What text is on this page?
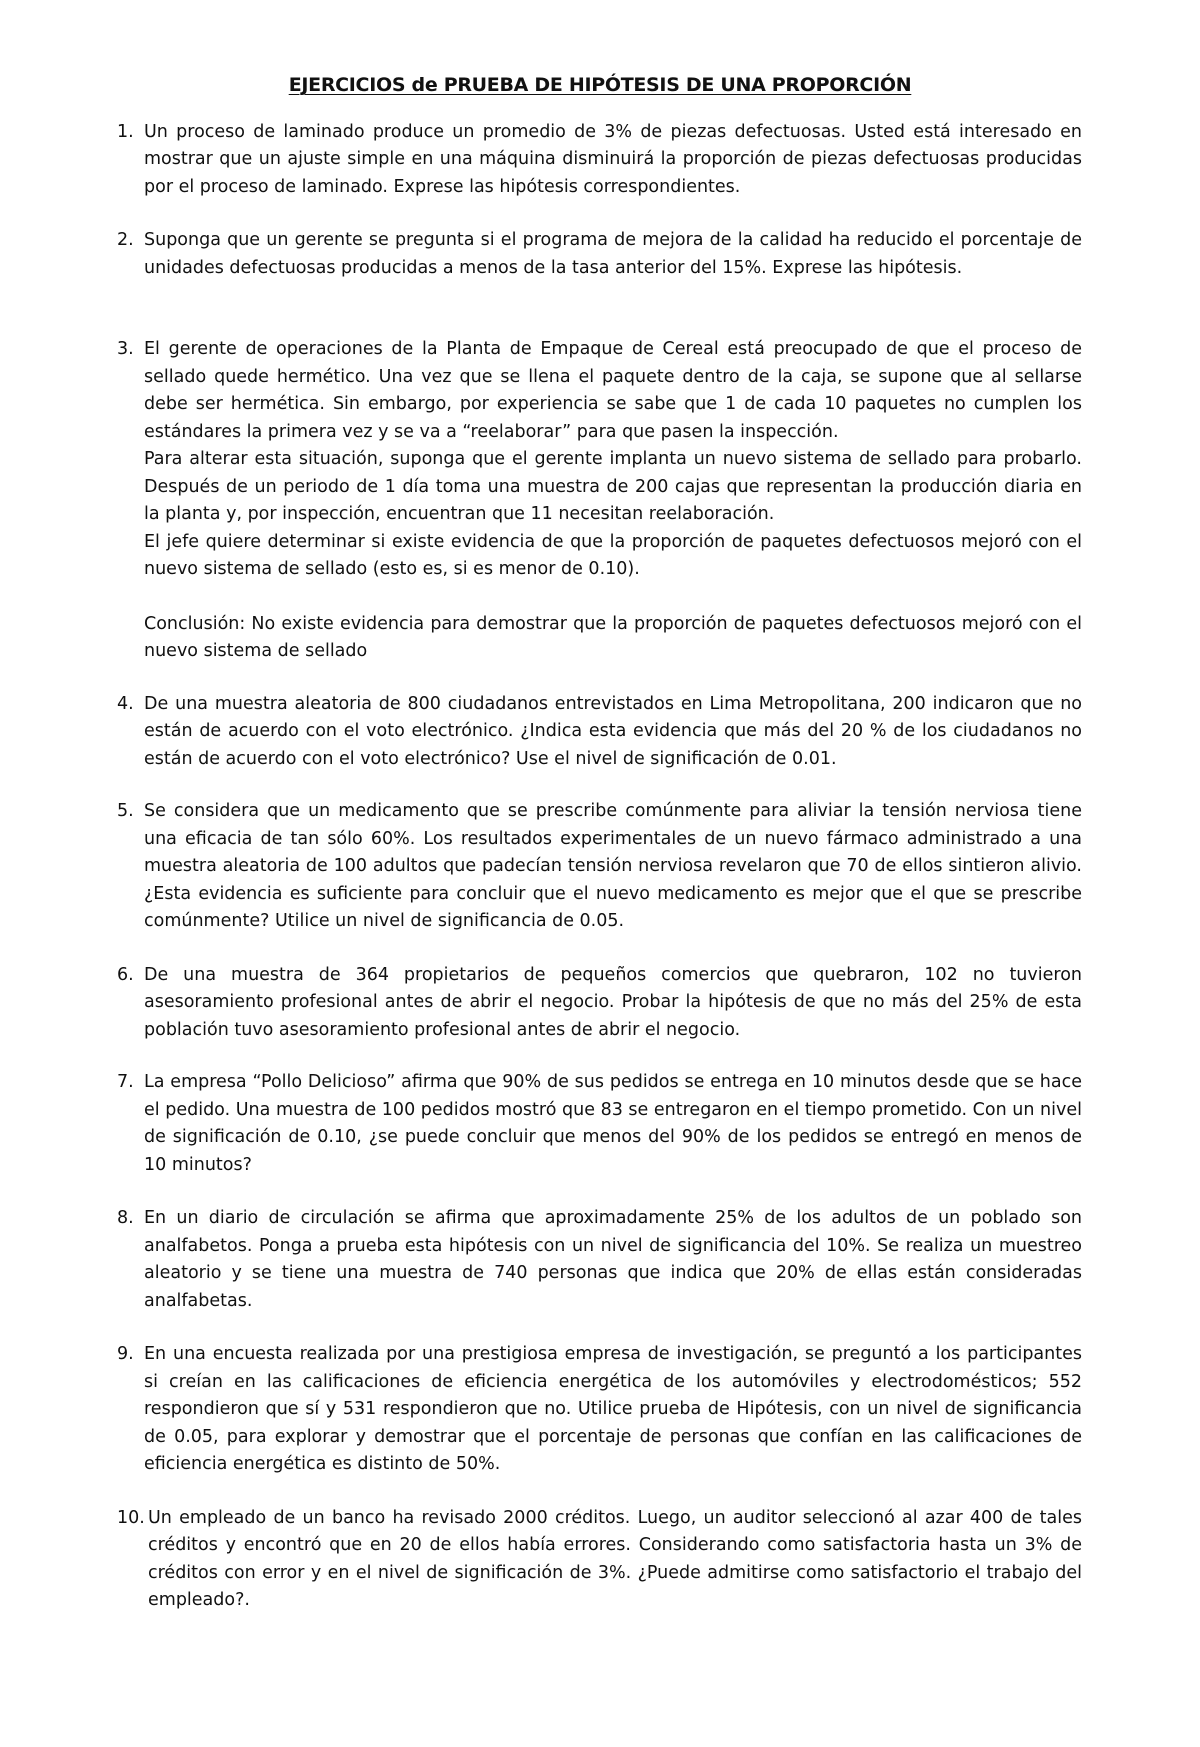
EJERCICIOS de PRUEBA DE HIPÓTESIS DE UNA PROPORCIÓN
1. Un proceso de laminado produce un promedio de 3% de piezas defectuosas. Usted está interesado en mostrar que un ajuste simple en una máquina disminuirá la proporción de piezas defectuosas producidas por el proceso de laminado. Exprese las hipótesis correspondientes.

2. Suponga que un gerente se pregunta si el programa de mejora de la calidad ha reducido el porcentaje de unidades defectuosas producidas a menos de la tasa anterior del 15%. Exprese las hipótesis.

3. El gerente de operaciones de la Planta de Empaque de Cereal está preocupado de que el proceso de sellado quede hermético. Una vez que se llena el paquete dentro de la caja, se supone que al sellarse debe ser hermética. Sin embargo, por experiencia se sabe que 1 de cada 10 paquetes no cumplen los estándares la primera vez y se va a “reelaborar” para que pasen la inspección.

Para alterar esta situación, suponga que el gerente implanta un nuevo sistema de sellado para probarlo. Después de un periodo de 1 día toma una muestra de 200 cajas que representan la producción diaria en la planta y, por inspección, encuentran que 11 necesitan reelaboración.

El jefe quiere determinar si existe evidencia de que la proporción de paquetes defectuosos mejoró con el nuevo sistema de sellado (esto es, si es menor de 0.10).

Conclusión: No existe evidencia para demostrar que la proporción de paquetes defectuosos mejoró con el nuevo sistema de sellado

4. De una muestra aleatoria de 800 ciudadanos entrevistados en Lima Metropolitana, 200 indicaron que no están de acuerdo con el voto electrónico. ¿Indica esta evidencia que más del 20 % de los ciudadanos no están de acuerdo con el voto electrónico? Use el nivel de significación de 0.01.

5. Se considera que un medicamento que se prescribe comúnmente para aliviar la tensión nerviosa tiene una eficacia de tan sólo 60%. Los resultados experimentales de un nuevo fármaco administrado a una muestra aleatoria de 100 adultos que padecían tensión nerviosa revelaron que 70 de ellos sintieron alivio. ¿Esta evidencia es suficiente para concluir que el nuevo medicamento es mejor que el que se prescribe comúnmente? Utilice un nivel de significancia de 0.05.

6. De una muestra de 364 propietarios de pequeños comercios que quebraron, 102 no tuvieron asesoramiento profesional antes de abrir el negocio. Probar la hipótesis de que no más del 25% de esta población tuvo asesoramiento profesional antes de abrir el negocio.

7. La empresa “Pollo Delicioso” afirma que 90% de sus pedidos se entrega en 10 minutos desde que se hace el pedido. Una muestra de 100 pedidos mostró que 83 se entregaron en el tiempo prometido. Con un nivel de significación de 0.10, ¿se puede concluir que menos del 90% de los pedidos se entregó en menos de 10 minutos?

8. En un diario de circulación se afirma que aproximadamente 25% de los adultos de un poblado son analfabetos. Ponga a prueba esta hipótesis con un nivel de significancia del 10%. Se realiza un muestreo aleatorio y se tiene una muestra de 740 personas que indica que 20% de ellas están consideradas analfabetas.

9. En una encuesta realizada por una prestigiosa empresa de investigación, se preguntó a los participantes si creían en las calificaciones de eficiencia energética de los automóviles y electrodomésticos; 552 respondieron que sí y 531 respondieron que no. Utilice prueba de Hipótesis, con un nivel de significancia de 0.05, para explorar y demostrar que el porcentaje de personas que confían en las calificaciones de eficiencia energética es distinto de 50%.

10. Un empleado de un banco ha revisado 2000 créditos. Luego, un auditor seleccionó al azar 400 de tales créditos y encontró que en 20 de ellos había errores. Considerando como satisfactoria hasta un 3% de créditos con error y en el nivel de significación de 3%. ¿Puede admitirse como satisfactorio el trabajo del empleado?.
